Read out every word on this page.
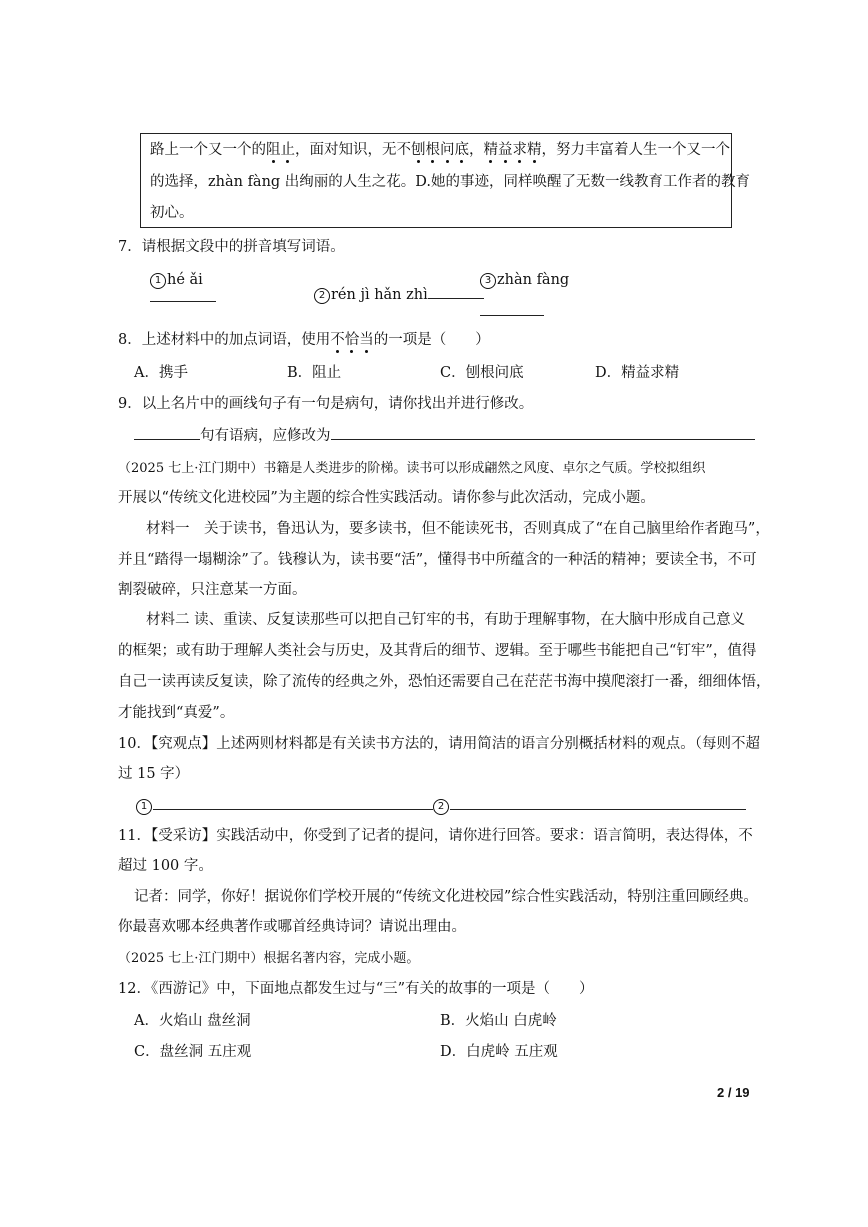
路上一个又一个的阻止，面对知识，无不刨根问底，精益求精，努力丰富着人生一个又一个
的选择，zhàn fàng 出绚丽的人生之花。D.她的事迹，同样唤醒了无数一线教育工作者的教育
初心。
7．请根据文段中的拼音填写词语。
1 hé ǎi
2 rén jì hǎn zhì
3 zhàn fàng
8．上述材料中的加点词语，使用不恰当的一项是（　　）
A．携手	B．阻止	C．刨根问底	D．精益求精
9．以上名片中的画线句子有一句是病句，请你找出并进行修改。
句有语病，应修改为
（2025 七上·江门期中）书籍是人类进步的阶梯。读书可以形成翩然之风度、卓尔之气质。学校拟组织
开展以“传统文化进校园”为主题的综合性实践活动。请你参与此次活动，完成小题。
材料一　关于读书，鲁迅认为，要多读书，但不能读死书，否则真成了“在自己脑里给作者跑马”，
并且“踏得一塌糊涂”了。钱穆认为，读书要“活”，懂得书中所蕴含的一种活的精神；要读全书，不可
割裂破碎，只注意某一方面。
材料二 读、重读、反复读那些可以把自己钉牢的书，有助于理解事物，在大脑中形成自己意义
的框架；或有助于理解人类社会与历史，及其背后的细节、逻辑。至于哪些书能把自己“钉牢”，值得
自己一读再读反复读，除了流传的经典之外，恐怕还需要自己在茫茫书海中摸爬滚打一番，细细体悟，
才能找到“真爱”。
10．【究观点】上述两则材料都是有关读书方法的，请用简洁的语言分别概括材料的观点。（每则不超
过 15 字）
1	2
11．【受采访】实践活动中，你受到了记者的提问，请你进行回答。要求：语言简明，表达得体，不
超过 100 字。
记者：同学，你好！据说你们学校开展的“传统文化进校园”综合性实践活动，特别注重回顾经典。
你最喜欢哪本经典著作或哪首经典诗词？请说出理由。
（2025 七上·江门期中）根据名著内容，完成小题。
12．《西游记》中，下面地点都发生过与“三”有关的故事的一项是（　　）
A．火焰山 盘丝洞	B．火焰山 白虎岭
C．盘丝洞 五庄观	D．白虎岭 五庄观
2 / 19
